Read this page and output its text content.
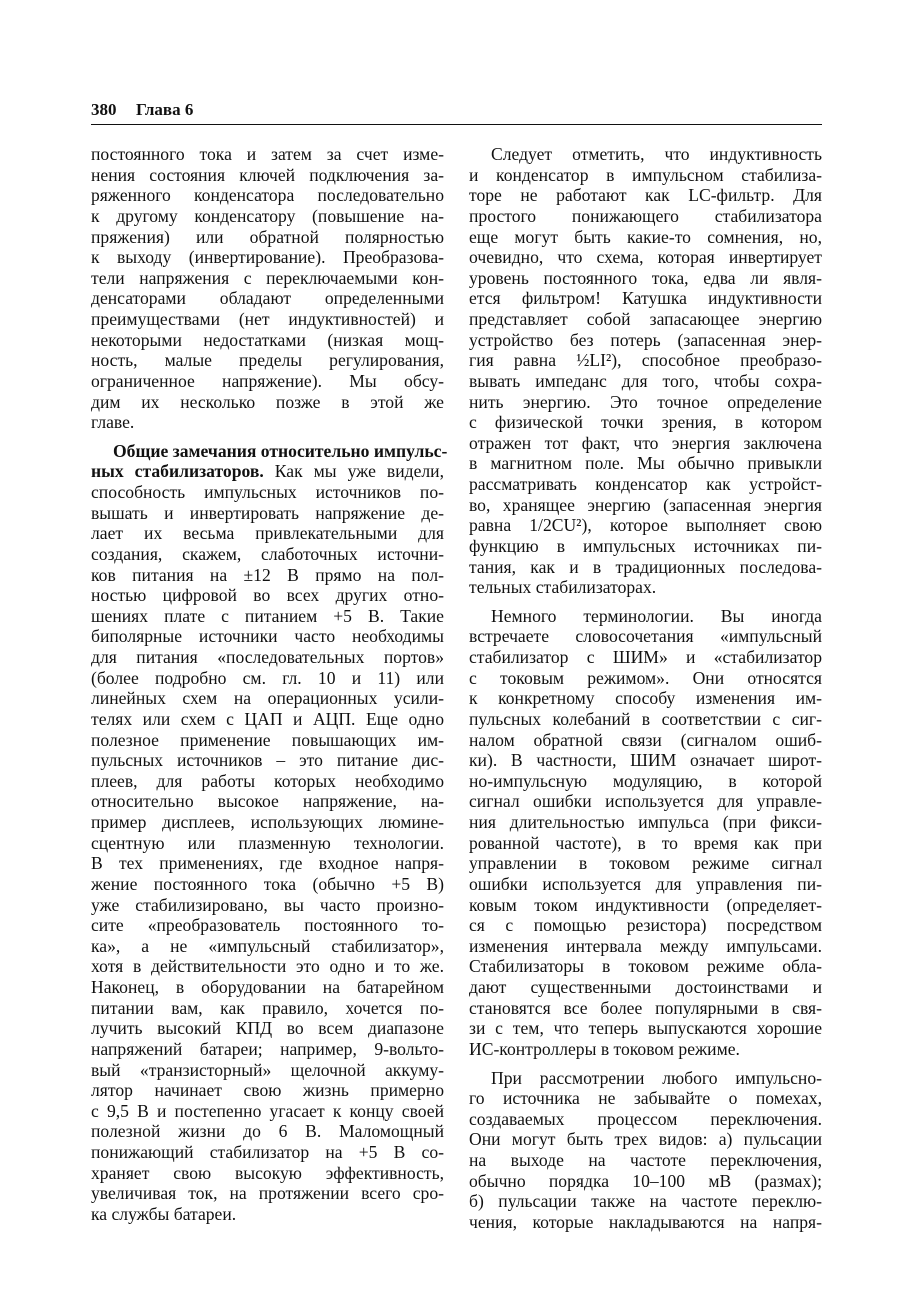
380 Глава 6
постоянного тока и затем за счет изме-
нения состояния ключей подключения за-
ряженного конденсатора последовательно
к другому конденсатору (повышение на-
пряжения) или обратной полярностью
к выходу (инвертирование). Преобразова-
тели напряжения с переключаемыми кон-
денсаторами обладают определенными
преимуществами (нет индуктивностей) и
некоторыми недостатками (низкая мощ-
ность, малые пределы регулирования,
ограниченное напряжение). Мы обсу-
дим их несколько позже в этой же
главе.
Общие замечания относительно импульс-
ных стабилизаторов. Как мы уже видели,
способность импульсных источников по-
вышать и инвертировать напряжение де-
лает их весьма привлекательными для
создания, скажем, слаботочных источни-
ков питания на ±12 В прямо на пол-
ностью цифровой во всех других отно-
шениях плате с питанием +5 В. Такие
биполярные источники часто необходимы
для питания «последовательных портов»
(более подробно см. гл. 10 и 11) или
линейных схем на операционных усили-
телях или схем с ЦАП и АЦП. Еще одно
полезное применение повышающих им-
пульсных источников – это питание дис-
плеев, для работы которых необходимо
относительно высокое напряжение, на-
пример дисплеев, использующих люмине-
сцентную или плазменную технологии.
В тех применениях, где входное напря-
жение постоянного тока (обычно +5 В)
уже стабилизировано, вы часто произно-
сите «преобразователь постоянного то-
ка», а не «импульсный стабилизатор»,
хотя в действительности это одно и то же.
Наконец, в оборудовании на батарейном
питании вам, как правило, хочется по-
лучить высокий КПД во всем диапазоне
напряжений батареи; например, 9-вольто-
вый «транзисторный» щелочной аккуму-
лятор начинает свою жизнь примерно
с 9,5 В и постепенно угасает к концу своей
полезной жизни до 6 В. Маломощный
понижающий стабилизатор на +5 В со-
храняет свою высокую эффективность,
увеличивая ток, на протяжении всего сро-
ка службы батареи.
Следует отметить, что индуктивность
и конденсатор в импульсном стабилиза-
торе не работают как LC-фильтр. Для
простого понижающего стабилизатора
еще могут быть какие-то сомнения, но,
очевидно, что схема, которая инвертирует
уровень постоянного тока, едва ли явля-
ется фильтром! Катушка индуктивности
представляет собой запасающее энергию
устройство без потерь (запасенная энер-
гия равна ½LI²), способное преобразо-
вывать импеданс для того, чтобы сохра-
нить энергию. Это точное определение
с физической точки зрения, в котором
отражен тот факт, что энергия заключена
в магнитном поле. Мы обычно привыкли
рассматривать конденсатор как устройст-
во, хранящее энергию (запасенная энергия
равна 1/2CU²), которое выполняет свою
функцию в импульсных источниках пи-
тания, как и в традиционных последова-
тельных стабилизаторах.
Немного терминологии. Вы иногда
встречаете словосочетания «импульсный
стабилизатор с ШИМ» и «стабилизатор
с токовым режимом». Они относятся
к конкретному способу изменения им-
пульсных колебаний в соответствии с сиг-
налом обратной связи (сигналом ошиб-
ки). В частности, ШИМ означает широт-
но-импульсную модуляцию, в которой
сигнал ошибки используется для управле-
ния длительностью импульса (при фикси-
рованной частоте), в то время как при
управлении в токовом режиме сигнал
ошибки используется для управления пи-
ковым током индуктивности (определяет-
ся с помощью резистора) посредством
изменения интервала между импульсами.
Стабилизаторы в токовом режиме обла-
дают существенными достоинствами и
становятся все более популярными в свя-
зи с тем, что теперь выпускаются хорошие
ИС-контроллеры в токовом режиме.
При рассмотрении любого импульсно-
го источника не забывайте о помехах,
создаваемых процессом переключения.
Они могут быть трех видов: а) пульсации
на выходе на частоте переключения,
обычно порядка 10–100 мВ (размах);
б) пульсации также на частоте переклю-
чения, которые накладываются на напря-
